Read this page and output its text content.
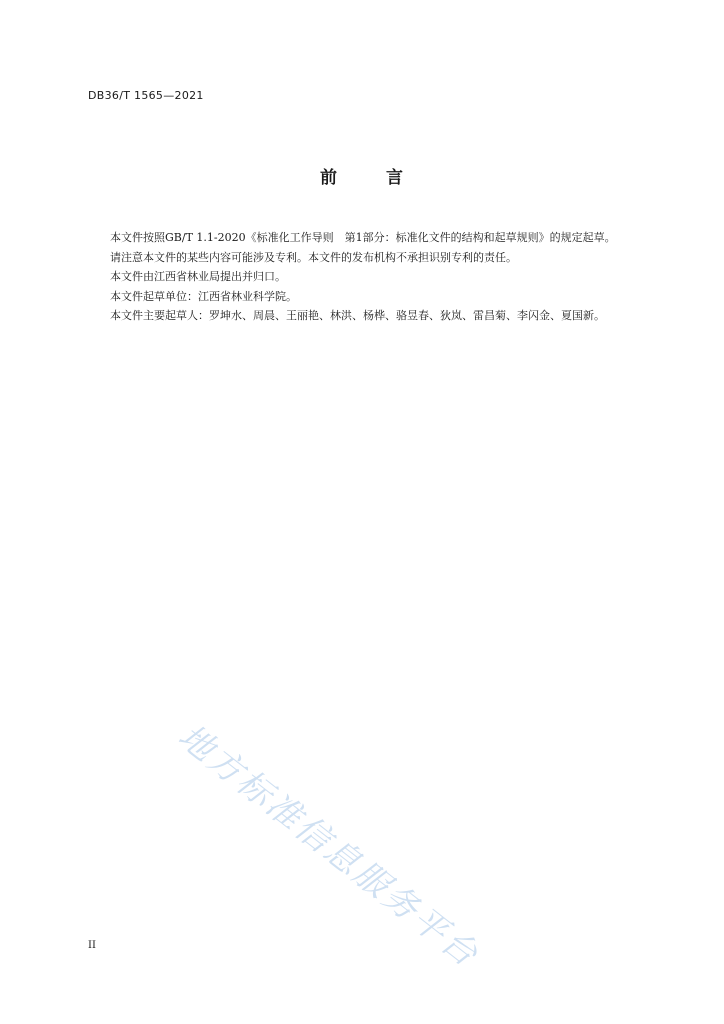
DB36/T 1565—2021
前	言

本文件按照GB/T 1.1-2020《标准化工作导则　第1部分：标准化文件的结构和起草规则》的规定起草。

请注意本文件的某些内容可能涉及专利。本文件的发布机构不承担识别专利的责任。

本文件由江西省林业局提出并归口。

本文件起草单位：江西省林业科学院。

本文件主要起草人：罗坤水、周晨、王丽艳、林洪、杨桦、骆昱春、狄岚、雷昌菊、李闪金、夏国新。

地方标准信息服务平台
II
